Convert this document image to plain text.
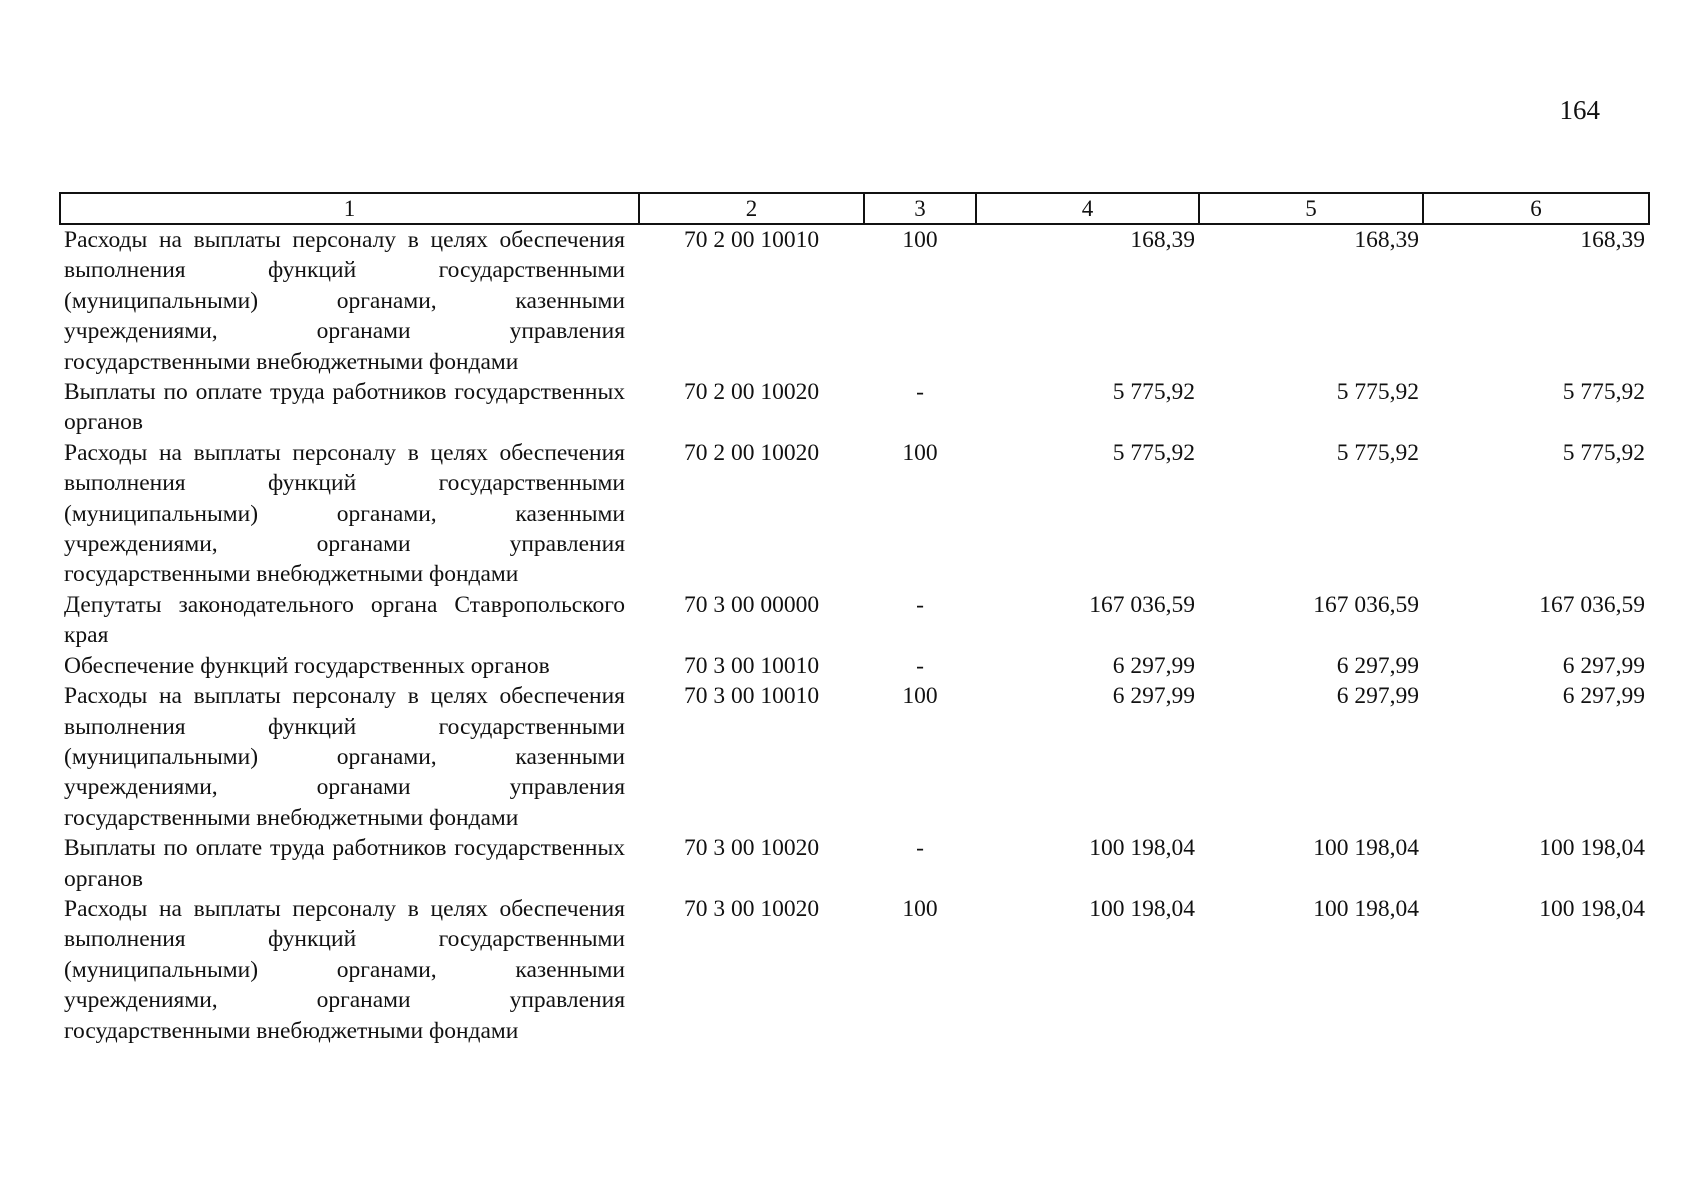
164
1	2	3	4	5	6
Расходы на выплаты персоналу в целях обеспечения выполнения функций государственными (муниципальными) органами, казенными учреждениями, органами управления государственными внебюджетными фондами	70 2 00 10010	100	168,39	168,39	168,39
Выплаты по оплате труда работников государственных органов	70 2 00 10020	-	5 775,92	5 775,92	5 775,92
Расходы на выплаты персоналу в целях обеспечения выполнения функций государственными (муниципальными) органами, казенными учреждениями, органами управления государственными внебюджетными фондами	70 2 00 10020	100	5 775,92	5 775,92	5 775,92
Депутаты законодательного органа Ставропольского края	70 3 00 00000	-	167 036,59	167 036,59	167 036,59
Обеспечение функций государственных органов	70 3 00 10010	-	6 297,99	6 297,99	6 297,99
Расходы на выплаты персоналу в целях обеспечения выполнения функций государственными (муниципальными) органами, казенными учреждениями, органами управления государственными внебюджетными фондами	70 3 00 10010	100	6 297,99	6 297,99	6 297,99
Выплаты по оплате труда работников государственных органов	70 3 00 10020	-	100 198,04	100 198,04	100 198,04
Расходы на выплаты персоналу в целях обеспечения выполнения функций государственными (муниципальными) органами, казенными учреждениями, органами управления государственными внебюджетными фондами	70 3 00 10020	100	100 198,04	100 198,04	100 198,04
